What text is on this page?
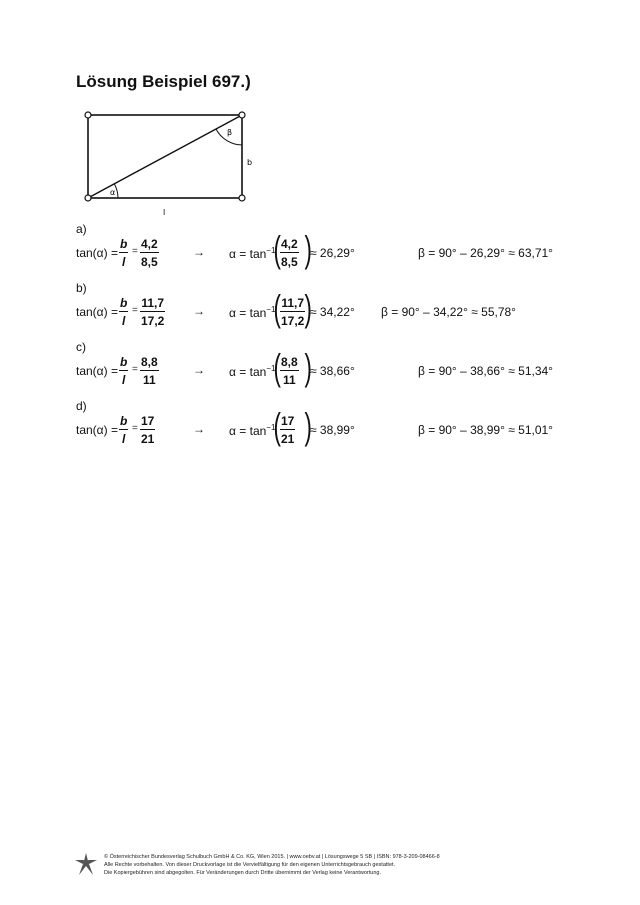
Lösung Beispiel 697.)
α
β
b
l
a)
$\tan(\alpha) = \frac{b}{l} = \frac{4,2}{8,5}$	→ $\alpha = \tan^{-1}$
( $\frac{4,2}{8,5}$ )
≈ 26,29°	β = 90° – 26,29° ≈ 63,71°
b)
$\tan(\alpha) = \frac{b}{l} = \frac{11,7}{17,2} \to \alpha = \tan^{-1}$
( $\frac{11,7}{17,2}$ )
≈ 34,22° β = 90° – 34,22° ≈ 55,78°
c)
$\tan(\alpha) = \frac{b}{l} = \frac{8,8}{11}$	→ $\alpha = \tan^{-1}$
( $\frac{8,8}{11}$ )
≈ 38,66°	β = 90° – 38,66° ≈ 51,34°
d)
$\tan(\alpha) = \frac{b}{l} = \frac{17}{21}$	→ $\alpha = \tan^{-1}$
( $\frac{17}{21}$ )
≈ 38,99°	β = 90° – 38,99° ≈ 51,01°
© Österreichischer Bundesverlag Schulbuch GmbH & Co. KG, Wien 2015. | www.oebv.at | Lösungswege 5 SB | ISBN: 978-3-209-08466-8
Alle Rechte vorbehalten. Von dieser Druckvorlage ist die Vervielfältigung für den eigenen Unterrichtsgebrauch gestattet.
Die Kopiergebühren sind abgegolten. Für Veränderungen durch Dritte übernimmt der Verlag keine Verantwortung.
